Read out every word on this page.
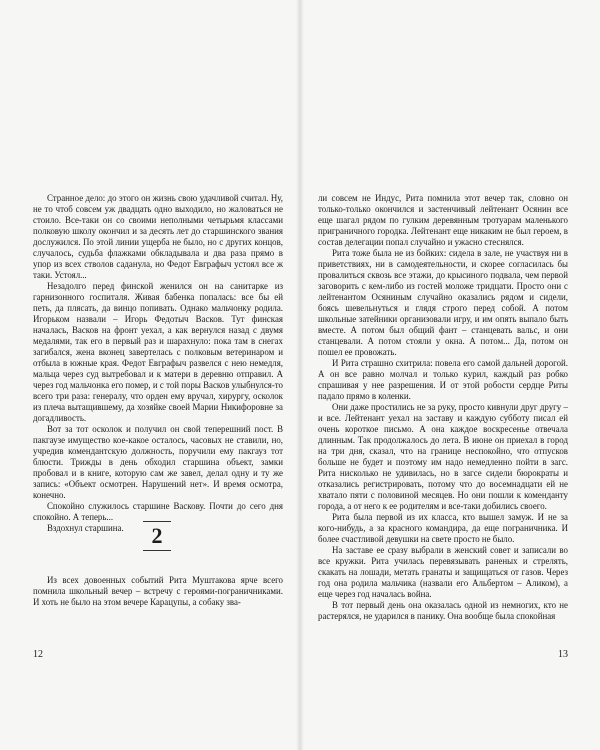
Странное дело: до этого он жизнь свою удачливой считал. Ну, не то чтоб совсем уж двадцать одно выходило, но жаловаться не стоило. Все-таки он со своими неполными четырьмя классами полковую школу окончил и за десять лет до старшинского звания дослужился. По этой линии ущерба не было, но с других концов, случалось, судьба флажками обкладывала и два раза прямо в упор из всех стволов саданула, но Федот Евграфыч устоял все ж таки. Устоял...

Незадолго перед финской женился он на санитарке из гарнизонного госпиталя. Живая бабенка попалась: все бы ей петь, да плясать, да винцо попивать. Однако мальчонку родила. Игорьком назвали – Игорь Федотыч Васков. Тут финская началась, Васков на фронт уехал, а как вернулся назад с двумя медалями, так его в первый раз и шарахнуло: пока там в снегах загибался, жена вконец завертелась с полковым ветеринаром и отбыла в южные края. Федот Евграфыч развелся с нею немедля, мальца через суд вытребовал и к матери в деревню отправил. А через год мальчонка его помер, и с той поры Васков улыбнулся-то всего три раза: генералу, что орден ему вручал, хирургу, осколок из плеча вытащившему, да хозяйке своей Марии Никифоровне за догадливость.

Вот за тот осколок и получил он свой теперешний пост. В пакгаузе имущество кое-какое осталось, часовых не ставили, но, учредив комендантскую должность, поручили ему пакгауз тот блюсти. Трижды в день обходил старшина объект, замки пробовал и в книге, которую сам же завел, делал одну и ту же запись: «Объект осмотрен. Нарушений нет». И время осмотра, конечно.

Спокойно служилось старшине Васкову. Почти до сего дня спокойно. А теперь...

Вздохнул старшина.	2

Из всех довоенных событий Рита Муштакова ярче всего помнила школьный вечер – встречу с героями-пограничниками. И хоть не было на этом вечере Карацупы, а собаку зва-

12

ли совсем не Индус, Рита помнила этот вечер так, словно он только-только окончился и застенчивый лейтенант Осянин все еще шагал рядом по гулким деревянным тротуарам маленького приграничного городка. Лейтенант еще никаким не был героем, в состав делегации попал случайно и ужасно стеснялся.

Рита тоже была не из бойких: сидела в зале, не участвуя ни в приветствиях, ни в самодеятельности, и скорее согласилась бы провалиться сквозь все этажи, до крысиного подвала, чем первой заговорить с кем-либо из гостей моложе тридцати. Просто они с лейтенантом Осяниным случайно оказались рядом и сидели, боясь шевельнуться и глядя строго перед собой. А потом школьные затейники организовали игру, и им опять выпало быть вместе. А потом был общий фант – станцевать вальс, и они станцевали. А потом стояли у окна. А потом... Да, потом он пошел ее провожать.

И Рита страшно схитрила: повела его самой дальней дорогой. А он все равно молчал и только курил, каждый раз робко спрашивая у нее разрешения. И от этой робости сердце Риты падало прямо в коленки.

Они даже простились не за руку, просто кивнули друг другу – и все. Лейтенант уехал на заставу и каждую субботу писал ей очень короткое письмо. А она каждое воскресенье отвечала длинным. Так продолжалось до лета. В июне он приехал в город на три дня, сказал, что на границе неспокойно, что отпусков больше не будет и поэтому им надо немедленно пойти в загс. Рита нисколько не удивилась, но в загсе сидели бюрократы и отказались регистрировать, потому что до восемнадцати ей не хватало пяти с половиной месяцев. Но они пошли к коменданту города, а от него к ее родителям и все-таки добились своего.

Рита была первой из их класса, кто вышел замуж. И не за кого-нибудь, а за красного командира, да еще пограничника. И более счастливой девушки на свете просто не было.

На заставе ее сразу выбрали в женский совет и записали во все кружки. Рита училась перевязывать раненых и стрелять, скакать на лошади, метать гранаты и защищаться от газов. Через год она родила мальчика (назвали его Альбертом – Аликом), а еще через год началась война.

В тот первый день она оказалась одной из немногих, кто не растерялся, не ударился в панику. Она вообще была спокойная

13
